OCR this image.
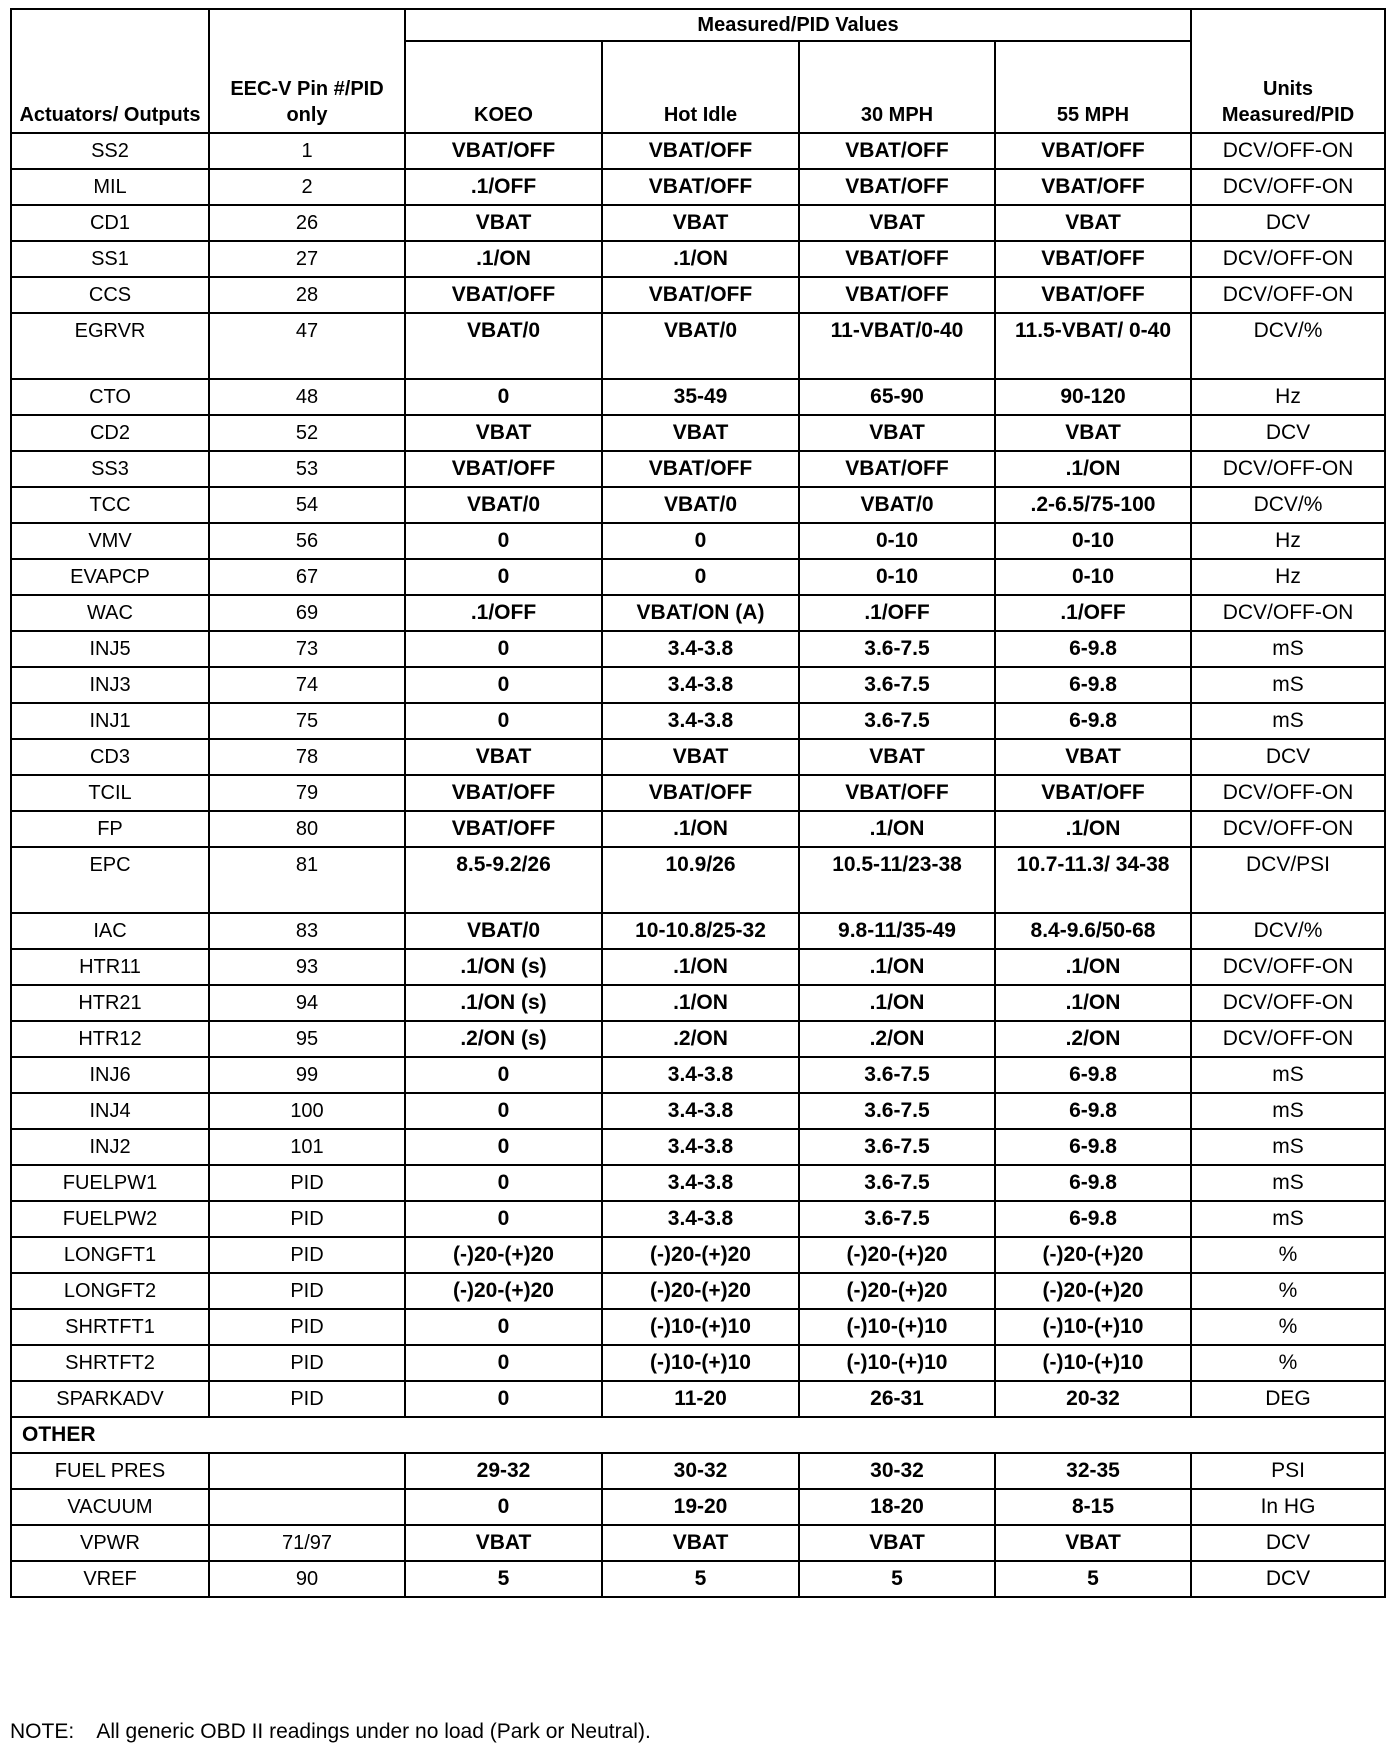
Actuators/ Outputs	EEC-V Pin #/PID only	Measured/PID Values				Units Measured/PID
		KOEO	Hot Idle	30 MPH	55 MPH	
SS2	1	VBAT/OFF	VBAT/OFF	VBAT/OFF	VBAT/OFF	DCV/OFF-ON
MIL	2	.1/OFF	VBAT/OFF	VBAT/OFF	VBAT/OFF	DCV/OFF-ON
CD1	26	VBAT	VBAT	VBAT	VBAT	DCV
SS1	27	.1/ON	.1/ON	VBAT/OFF	VBAT/OFF	DCV/OFF-ON
CCS	28	VBAT/OFF	VBAT/OFF	VBAT/OFF	VBAT/OFF	DCV/OFF-ON
EGRVR	47	VBAT/0	VBAT/0	11-VBAT/0-40	11.5-VBAT/ 0-40	DCV/%
CTO	48	0	35-49	65-90	90-120	Hz
CD2	52	VBAT	VBAT	VBAT	VBAT	DCV
SS3	53	VBAT/OFF	VBAT/OFF	VBAT/OFF	.1/ON	DCV/OFF-ON
TCC	54	VBAT/0	VBAT/0	VBAT/0	.2-6.5/75-100	DCV/%
VMV	56	0	0	0-10	0-10	Hz
EVAPCP	67	0	0	0-10	0-10	Hz
WAC	69	.1/OFF	VBAT/ON (A)	.1/OFF	.1/OFF	DCV/OFF-ON
INJ5	73	0	3.4-3.8	3.6-7.5	6-9.8	mS
INJ3	74	0	3.4-3.8	3.6-7.5	6-9.8	mS
INJ1	75	0	3.4-3.8	3.6-7.5	6-9.8	mS
CD3	78	VBAT	VBAT	VBAT	VBAT	DCV
TCIL	79	VBAT/OFF	VBAT/OFF	VBAT/OFF	VBAT/OFF	DCV/OFF-ON
FP	80	VBAT/OFF	.1/ON	.1/ON	.1/ON	DCV/OFF-ON
EPC	81	8.5-9.2/26	10.9/26	10.5-11/23-38	10.7-11.3/ 34-38	DCV/PSI
IAC	83	VBAT/0	10-10.8/25-32	9.8-11/35-49	8.4-9.6/50-68	DCV/%
HTR11	93	.1/ON (s)	.1/ON	.1/ON	.1/ON	DCV/OFF-ON
HTR21	94	.1/ON (s)	.1/ON	.1/ON	.1/ON	DCV/OFF-ON
HTR12	95	.2/ON (s)	.2/ON	.2/ON	.2/ON	DCV/OFF-ON
INJ6	99	0	3.4-3.8	3.6-7.5	6-9.8	mS
INJ4	100	0	3.4-3.8	3.6-7.5	6-9.8	mS
INJ2	101	0	3.4-3.8	3.6-7.5	6-9.8	mS
FUELPW1	PID	0	3.4-3.8	3.6-7.5	6-9.8	mS
FUELPW2	PID	0	3.4-3.8	3.6-7.5	6-9.8	mS
LONGFT1	PID	(-)20-(+)20	(-)20-(+)20	(-)20-(+)20	(-)20-(+)20	%
LONGFT2	PID	(-)20-(+)20	(-)20-(+)20	(-)20-(+)20	(-)20-(+)20	%
SHRTFT1	PID	0	(-)10-(+)10	(-)10-(+)10	(-)10-(+)10	%
SHRTFT2	PID	0	(-)10-(+)10	(-)10-(+)10	(-)10-(+)10	%
SPARKADV	PID	0	11-20	26-31	20-32	DEG
OTHER						
FUEL PRES		29-32	30-32	30-32	32-35	PSI
VACUUM		0	19-20	18-20	8-15	In HG
VPWR	71/97	VBAT	VBAT	VBAT	VBAT	DCV
VREF	90	5	5	5	5	DCV
NOTE:    All generic OBD II readings under no load (Park or Neutral).
